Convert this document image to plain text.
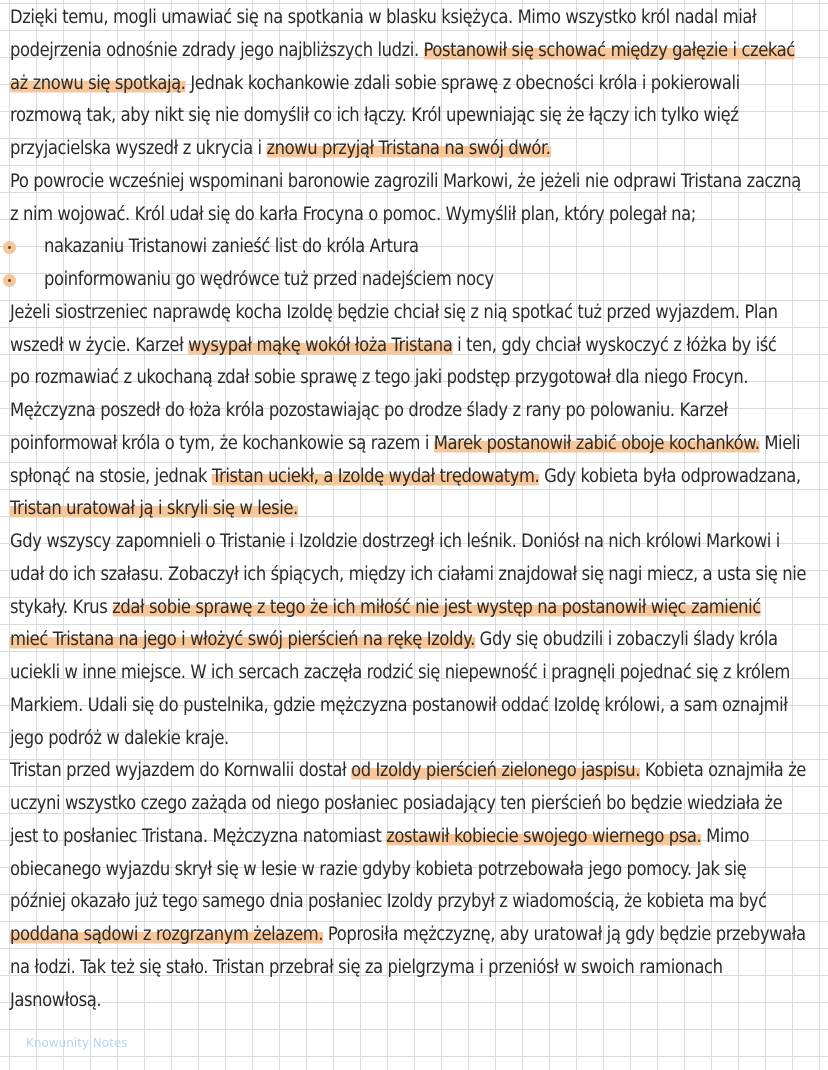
Dzięki temu, mogli umawiać się na spotkania w blasku księżyca. Mimo wszystko król nadal miał
podejrzenia odnośnie zdrady jego najbliższych ludzi. Postanowił się schować między gałęzie i czekać
aż znowu się spotkają. Jednak kochankowie zdali sobie sprawę z obecności króla i pokierowali
rozmową tak, aby nikt się nie domyślił co ich łączy. Król upewniając się że łączy ich tylko więź
przyjacielska wyszedł z ukrycia i znowu przyjął Tristana na swój dwór.
Po powrocie wcześniej wspominani baronowie zagrozili Markowi, że jeżeli nie odprawi Tristana zaczną
z nim wojować. Król udał się do karła Frocyna o pomoc. Wymyślił plan, który polegał na;
nakazaniu Tristanowi zanieść list do króla Artura
poinformowaniu go wędrówce tuż przed nadejściem nocy
Jeżeli siostrzeniec naprawdę kocha Izoldę będzie chciał się z nią spotkać tuż przed wyjazdem. Plan
wszedł w życie. Karzeł wysypał mąkę wokół łoża Tristana i ten, gdy chciał wyskoczyć z łóżka by iść
po rozmawiać z ukochaną zdał sobie sprawę z tego jaki podstęp przygotował dla niego Frocyn.
Mężczyzna poszedł do łoża króla pozostawiając po drodze ślady z rany po polowaniu. Karzeł
poinformował króla o tym, że kochankowie są razem i Marek postanowił zabić oboje kochanków. Mieli
spłonąć na stosie, jednak Tristan uciekł, a Izoldę wydał trędowatym. Gdy kobieta była odprowadzana,
Tristan uratował ją i skryli się w lesie.
Gdy wszyscy zapomnieli o Tristanie i Izoldzie dostrzegł ich leśnik. Doniósł na nich królowi Markowi i
udał do ich szałasu. Zobaczył ich śpiących, między ich ciałami znajdował się nagi miecz, a usta się nie
stykały. Krus zdał sobie sprawę z tego że ich miłość nie jest występ na postanowił więc zamienić
mieć Tristana na jego i włożyć swój pierścień na rękę Izoldy. Gdy się obudzili i zobaczyli ślady króla
uciekli w inne miejsce. W ich sercach zaczęła rodzić się niepewność i pragnęli pojednać się z królem
Markiem. Udali się do pustelnika, gdzie mężczyzna postanowił oddać Izoldę królowi, a sam oznajmił
jego podróż w dalekie kraje.
Tristan przed wyjazdem do Kornwalii dostał od Izoldy pierścień zielonego jaspisu. Kobieta oznajmiła że
uczyni wszystko czego zażąda od niego posłaniec posiadający ten pierścień bo będzie wiedziała że
jest to posłaniec Tristana. Mężczyzna natomiast zostawił kobiecie swojego wiernego psa. Mimo
obiecanego wyjazdu skrył się w lesie w razie gdyby kobieta potrzebowała jego pomocy. Jak się
później okazało już tego samego dnia posłaniec Izoldy przybył z wiadomością, że kobieta ma być
poddana sądowi z rozgrzanym żelazem. Poprosiła mężczyznę, aby uratował ją gdy będzie przebywała
na łodzi. Tak też się stało. Tristan przebrał się za pielgrzyma i przeniósł w swoich ramionach
Jasnowłosą.
Knowunity Notes
